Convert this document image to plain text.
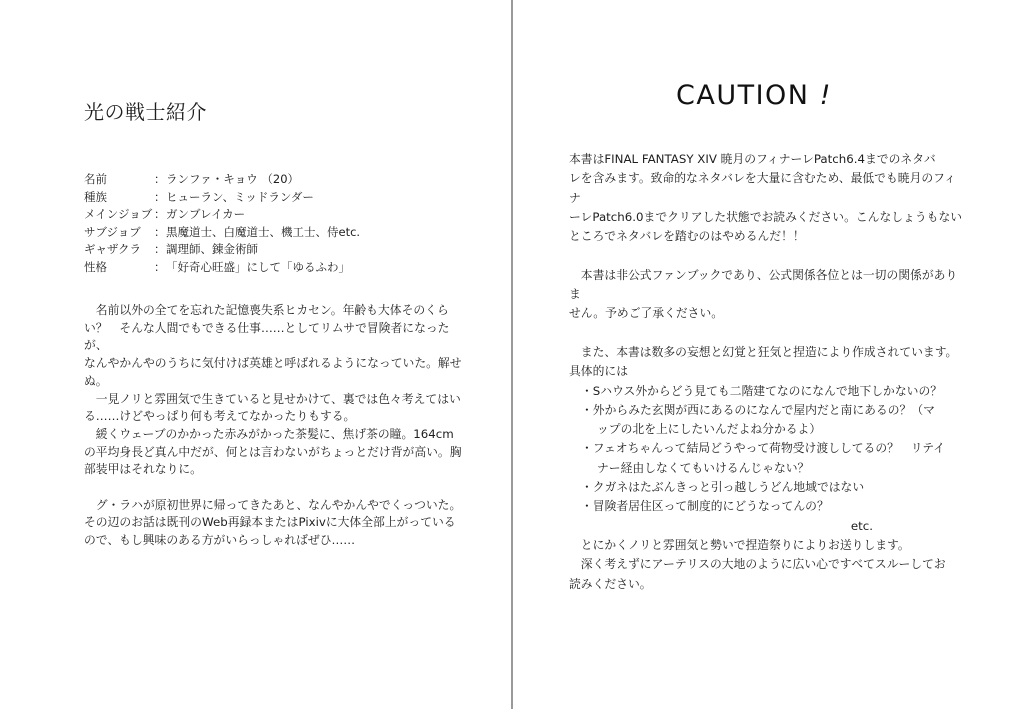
光の戦士紹介
名前	： ランファ・キョウ （20）
種族	： ヒューラン、ミッドランダー
メインジョブ ： ガンブレイカー
サブジョブ	： 黒魔道士、白魔道士、機工士、侍etc.
ギャザクラ	： 調理師、錬金術師
性格	： 「好奇心旺盛」にして「ゆるふわ」

　名前以外の全てを忘れた記憶喪失系ヒカセン。年齢も大体そのくら

い？　そんな人間でもできる仕事……としてリムサで冒険者になったが、

なんやかんやのうちに気付けば英雄と呼ばれるようになっていた。解せ

ぬ。

　一見ノリと雰囲気で生きていると見せかけて、裏では色々考えてはい

る……けどやっぱり何も考えてなかったりもする。

　緩くウェーブのかかった赤みがかった茶髪に、焦げ茶の瞳。164cm

の平均身長ど真ん中だが、何とは言わないがちょっとだけ背が高い。胸

部装甲はそれなりに。

　グ・ラハが原初世界に帰ってきたあと、なんやかんやでくっついた。

その辺のお話は既刊のWeb再録本またはPixivに大体全部上がっている

ので、もし興味のある方がいらっしゃればぜひ……

CAUTION !

本書はFINAL FANTASY XIV 暁月のフィナーレPatch6.4までのネタバ

レを含みます。致命的なネタバレを大量に含むため、最低でも暁月のフィナ

ーレPatch6.0までクリアした状態でお読みください。こんなしょうもない

ところでネタバレを踏むのはやめるんだ！！

　本書は非公式ファンブックであり、公式関係各位とは一切の関係がありま

せん。予めご了承ください。

　また、本書は数多の妄想と幻覚と狂気と捏造により作成されています。

具体的には

・Sハウス外からどう見ても二階建てなのになんで地下しかないの？

・外からみた玄関が西にあるのになんで屋内だと南にあるの？（マ

ップの北を上にしたいんだよね分かるよ）

・フェオちゃんって結局どうやって荷物受け渡ししてるの？　リテイ

ナー経由しなくてもいけるんじゃない？

・クガネはたぶんきっと引っ越しうどん地域ではない

・冒険者居住区って制度的にどうなってんの？

etc.

　とにかくノリと雰囲気と勢いで捏造祭りによりお送りします。

　深く考えずにアーテリスの大地のように広い心ですべてスルーしてお

読みください。
